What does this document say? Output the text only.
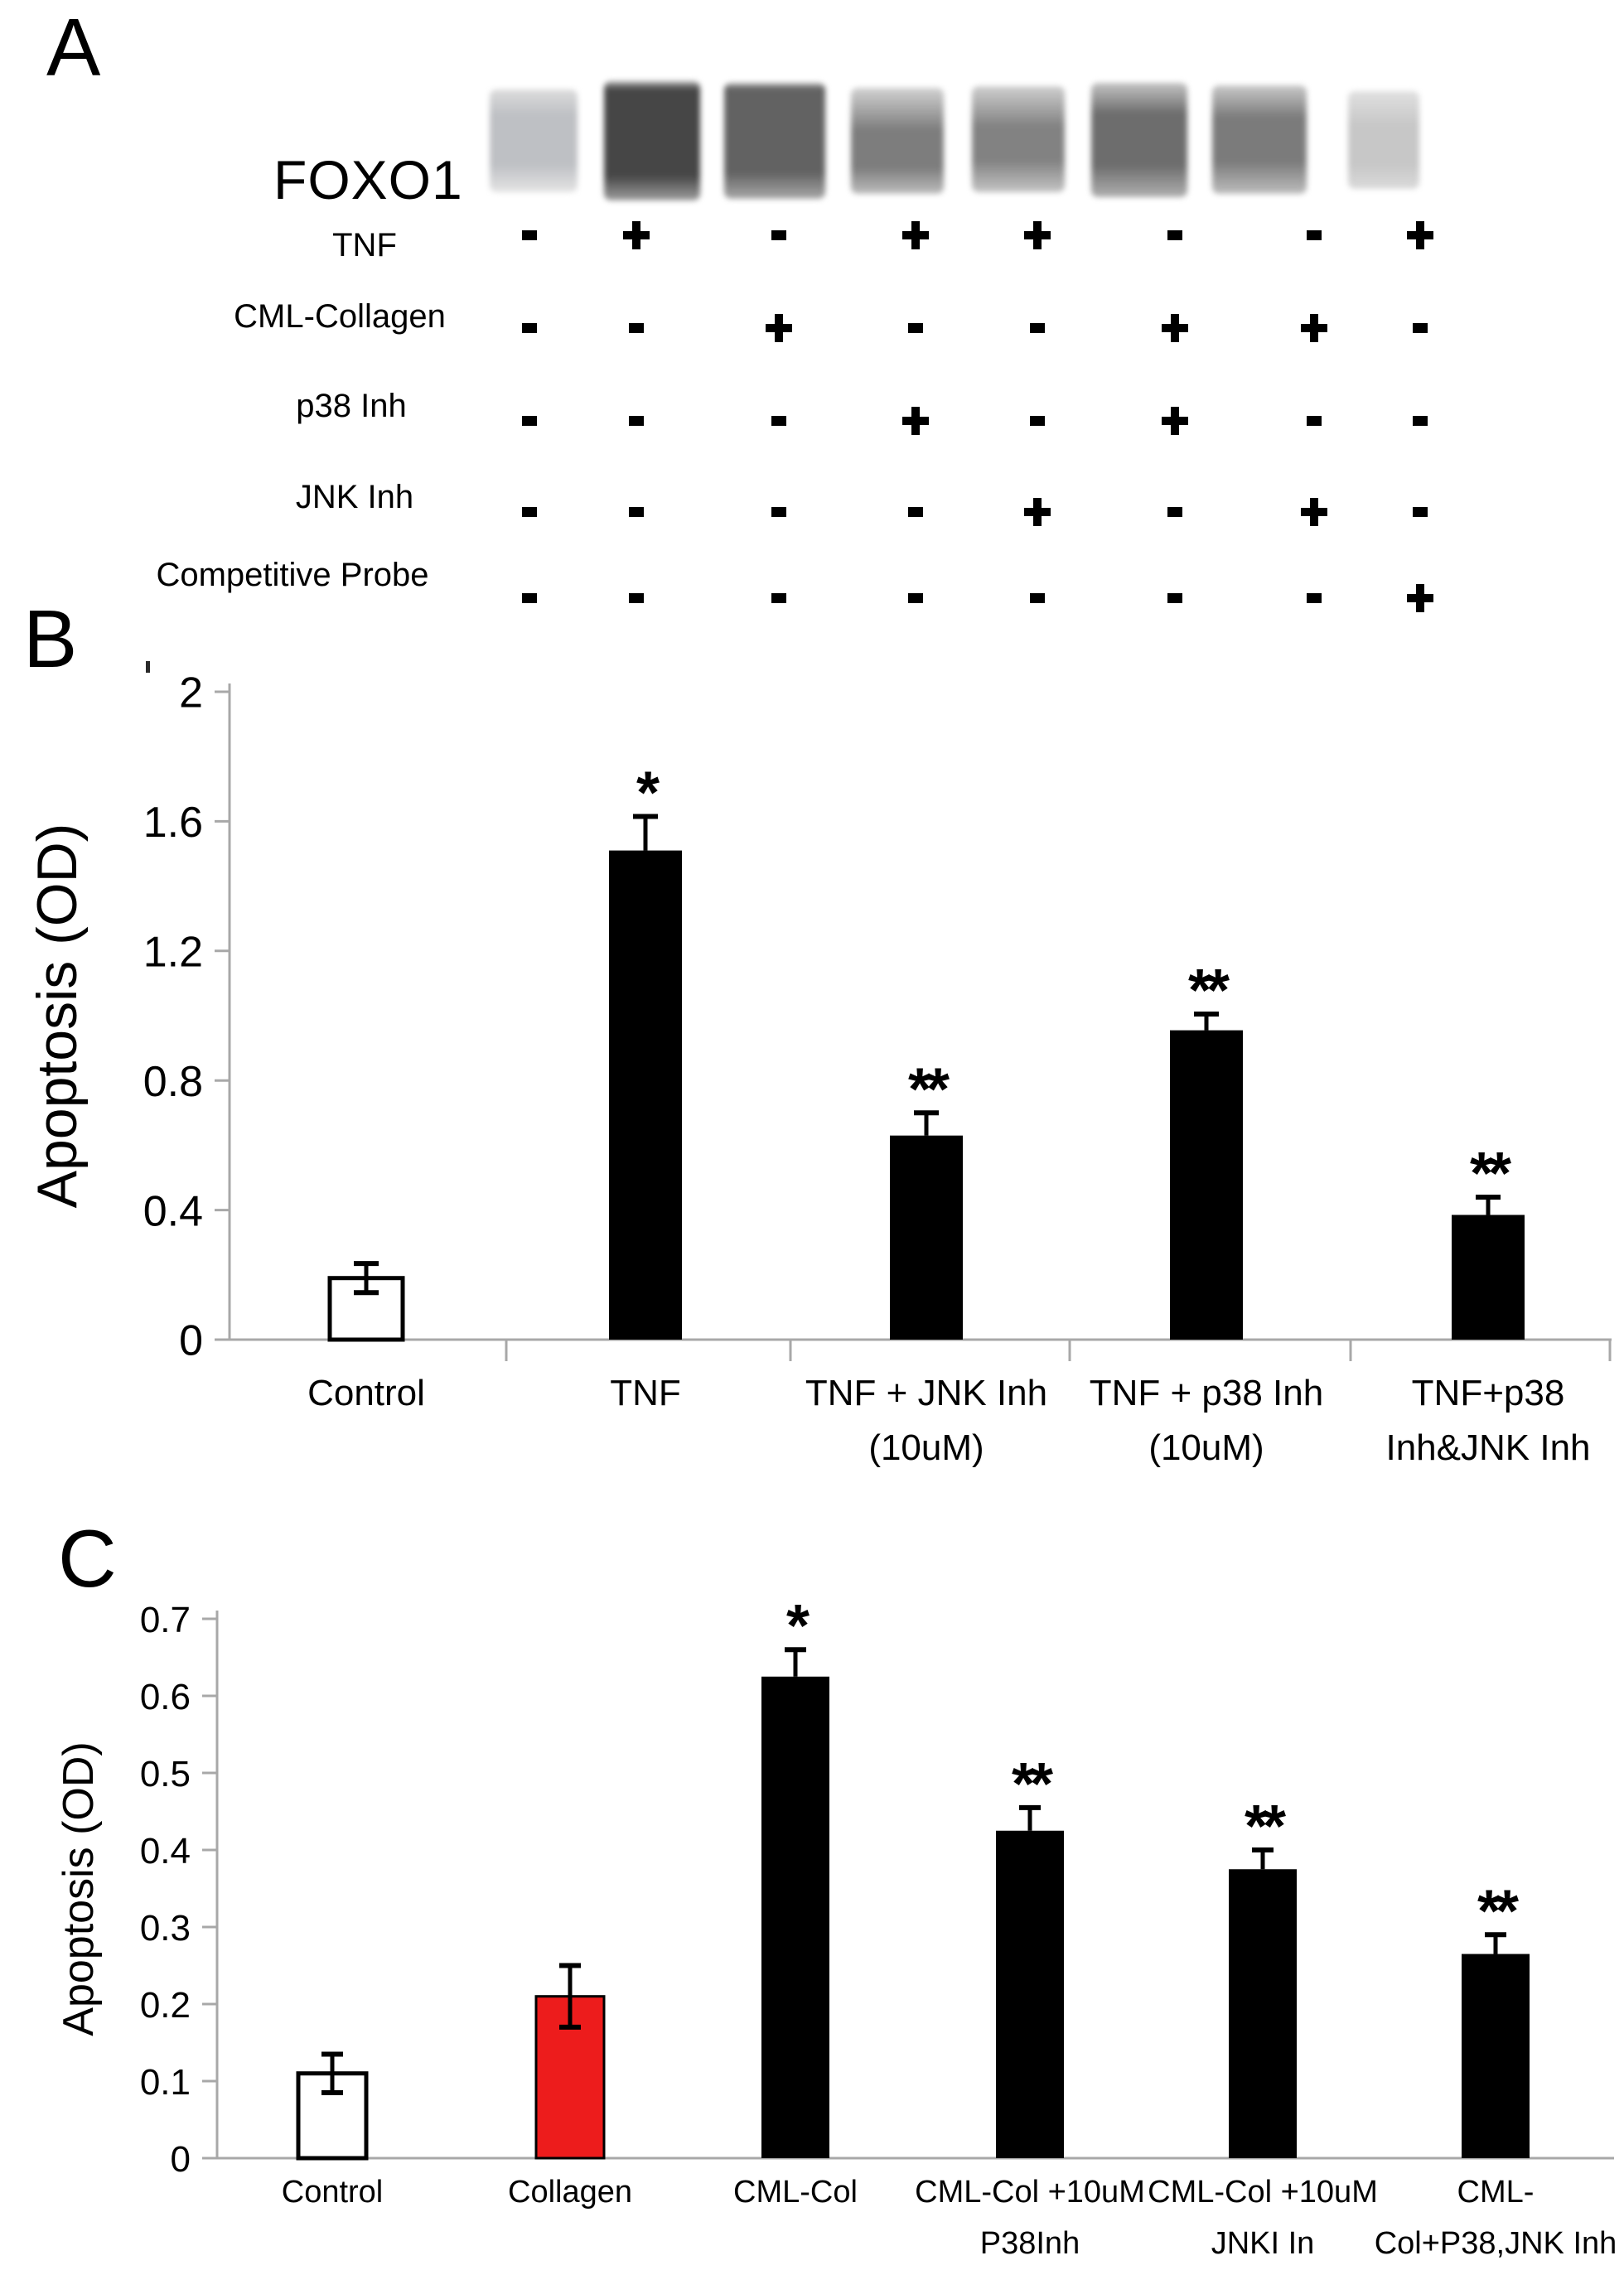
A
FOXO1
TNF
CML-Collagen
p38 Inh
JNK Inh
Competitive Probe
B
0
0.4
0.8
1.2
1.6
2
Control
*
TNF
**
TNF + JNK Inh
(10uM)
**
TNF + p38 Inh
(10uM)
**
TNF+p38
Inh&JNK Inh
Apoptosis (OD)
C
0
0.1
0.2
0.3
0.4
0.5
0.6
0.7
Control	Collagen
*
CML-Col
**
CML-Col +10uM
P38Inh
**
CML-Col +10uM
JNKI In
**
CML-
Col+P38,JNK Inh
Apoptosis (OD)
